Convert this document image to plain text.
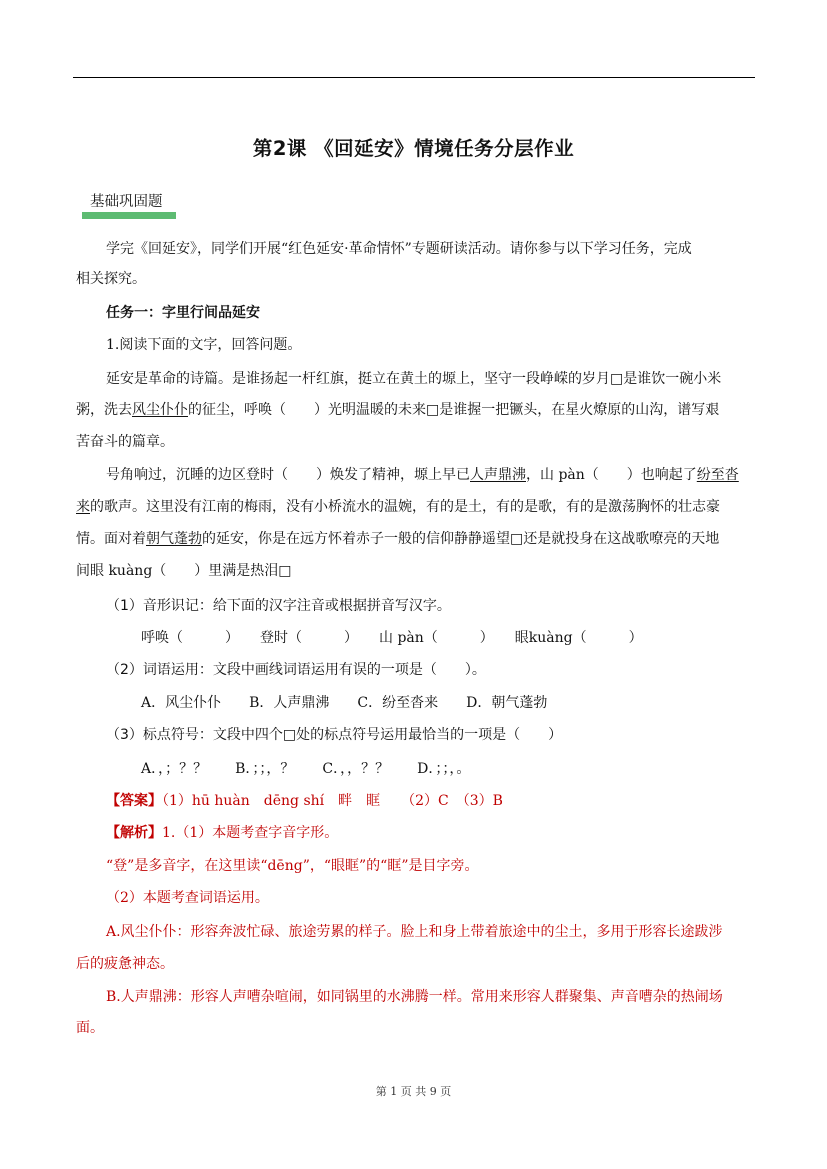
第2课 《回延安》情境任务分层作业
基础巩固题
学完《回延安》，同学们开展“红色延安·革命情怀”专题研读活动。请你参与以下学习任务，完成
相关探究。
任务一：字里行间品延安
1.阅读下面的文字，回答问题。
延安是革命的诗篇。是谁扬起一杆红旗，挺立在黄土的塬上，坚守一段峥嵘的岁月□是谁饮一碗小米
粥，洗去风尘仆仆的征尘，呼唤（　　）光明温暖的未来□是谁握一把镢头，在星火燎原的山沟，谱写艰
苦奋斗的篇章。
号角响过，沉睡的边区登时（　　）焕发了精神，塬上早已人声鼎沸，山 pàn（　　）也响起了纷至沓
来的歌声。这里没有江南的梅雨，没有小桥流水的温婉，有的是土，有的是歌，有的是激荡胸怀的壮志豪
情。面对着朝气蓬勃的延安，你是在远方怀着赤子一般的信仰静静遥望□还是就投身在这战歌嘹亮的天地
间眼 kuàng（　　）里满是热泪□
（1）音形识记：给下面的汉字注音或根据拼音写汉字。
呼唤（　　　）　　登时（　　　）　　山 pàn（　　　）　　眼kuàng（　　　）
（2）词语运用：文段中画线词语运用有误的一项是（　　）。
A．风尘仆仆　　B．人声鼎沸　　C．纷至沓来　　D．朝气蓬勃
（3）标点符号：文段中四个□处的标点符号运用最恰当的一项是（　　）
A．，；？？　　B．；；，？　　C．，，？？　　D．；；，。
【答案】（1）hū huàn　dēng shí　畔　眶　　（2）C　（3）B
【解析】1.（1）本题考查字音字形。
“登”是多音字，在这里读“dēng”，“眼眶”的“眶”是目字旁。
（2）本题考查词语运用。
A.风尘仆仆：形容奔波忙碌、旅途劳累的样子。脸上和身上带着旅途中的尘土，多用于形容长途跋涉
后的疲惫神态。
B.人声鼎沸：形容人声嘈杂喧闹，如同锅里的水沸腾一样。常用来形容人群聚集、声音嘈杂的热闹场
面。
第 1 页 共 9 页
